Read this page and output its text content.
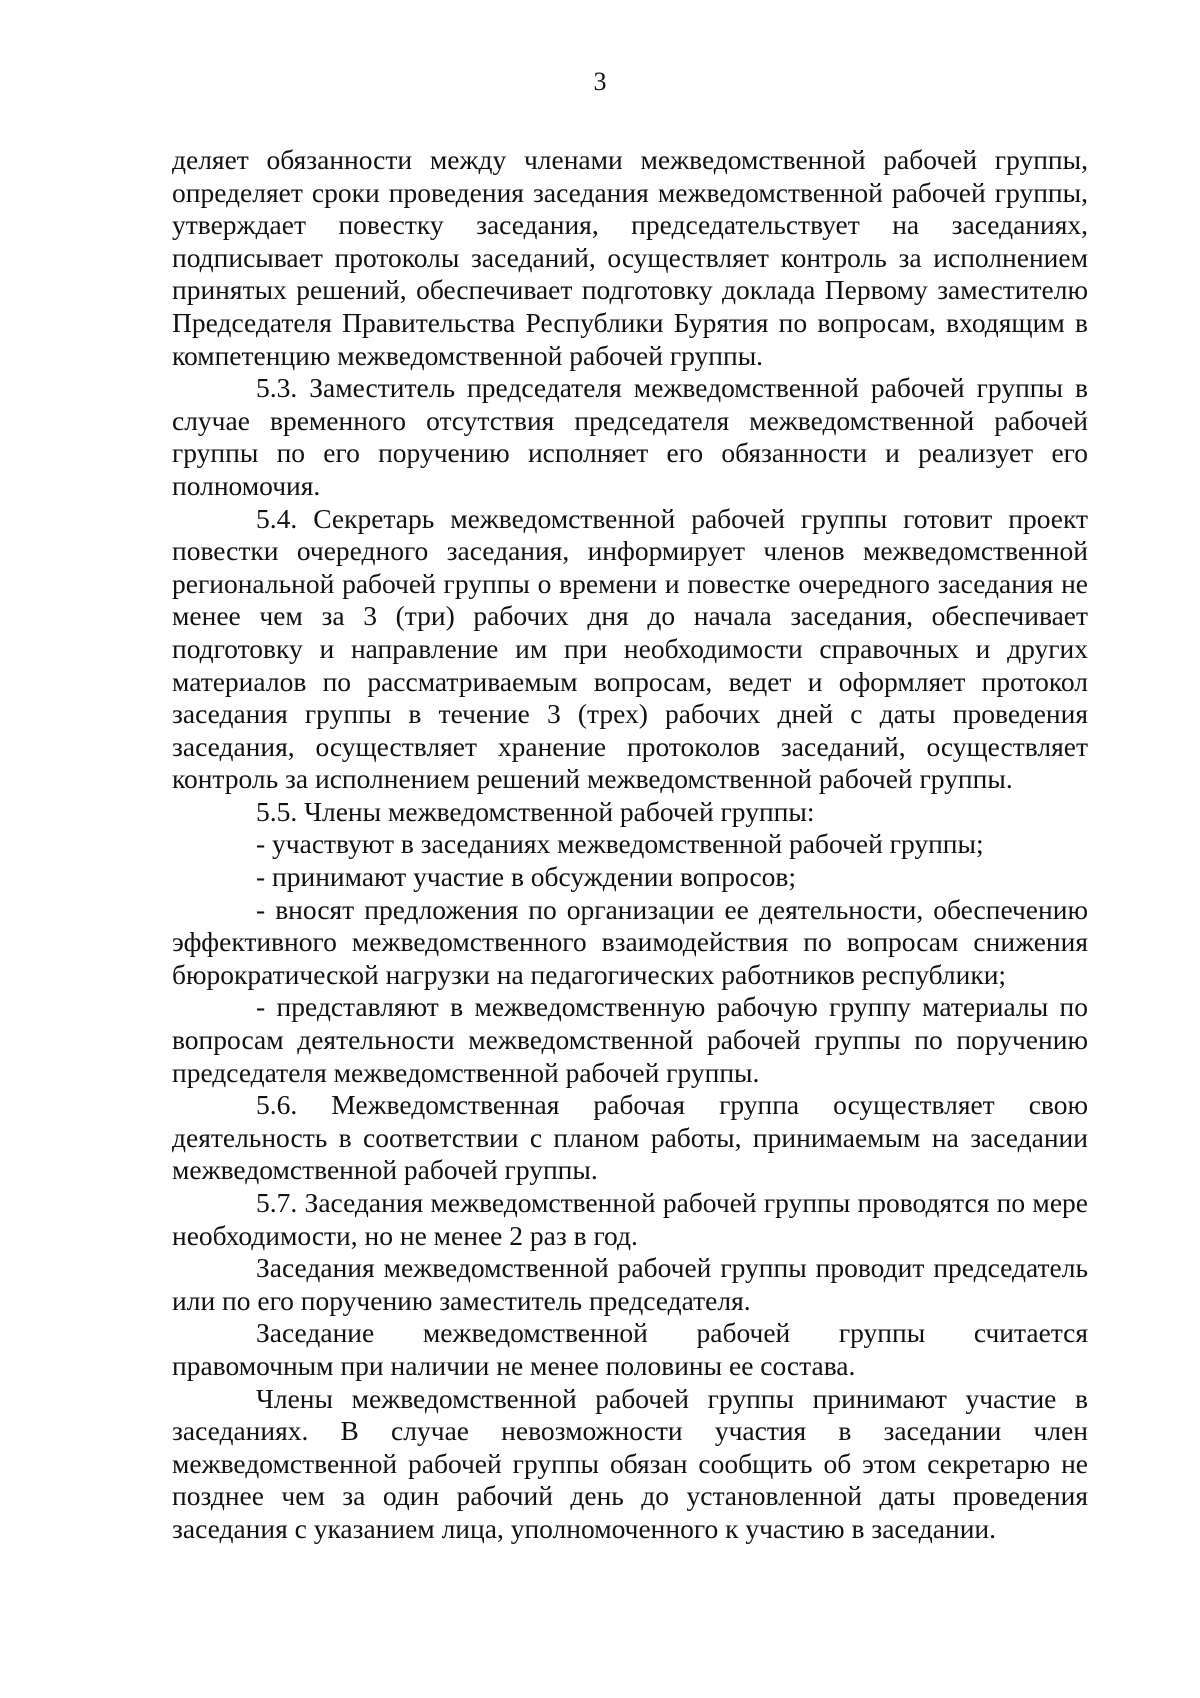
3

деляет обязанности между членами межведомственной рабочей группы, определяет сроки проведения заседания межведомственной рабочей группы, утверждает повестку заседания, председательствует на заседаниях, подписывает протоколы заседаний, осуществляет контроль за исполнением принятых решений, обеспечивает подготовку доклада Первому заместителю Председателя Правительства Республики Бурятия по вопросам, входящим в компетенцию межведомственной рабочей группы.

5.3. Заместитель председателя межведомственной рабочей группы в случае временного отсутствия председателя межведомственной рабочей группы по его поручению исполняет его обязанности и реализует его полномочия.

5.4. Секретарь межведомственной рабочей группы готовит проект повестки очередного заседания, информирует членов межведомственной региональной рабочей группы о времени и повестке очередного заседания не менее чем за 3 (три) рабочих дня до начала заседания, обеспечивает подготовку и направление им при необходимости справочных и других материалов по рассматриваемым вопросам, ведет и оформляет протокол заседания группы в течение 3 (трех) рабочих дней с даты проведения заседания, осуществляет хранение протоколов заседаний, осуществляет контроль за исполнением решений межведомственной рабочей группы.

5.5. Члены межведомственной рабочей группы:

- участвуют в заседаниях межведомственной рабочей группы;

- принимают участие в обсуждении вопросов;

- вносят предложения по организации ее деятельности, обеспечению эффективного межведомственного взаимодействия по вопросам снижения бюрократической нагрузки на педагогических работников республики;

- представляют в межведомственную рабочую группу материалы по вопросам деятельности межведомственной рабочей группы по поручению председателя межведомственной рабочей группы.

5.6. Межведомственная рабочая группа осуществляет свою деятельность в соответствии с планом работы, принимаемым на заседании межведомственной рабочей группы.

5.7. Заседания межведомственной рабочей группы проводятся по мере необходимости, но не менее 2 раз в год.

Заседания межведомственной рабочей группы проводит председатель или по его поручению заместитель председателя.

Заседание межведомственной рабочей группы считается правомочным при наличии не менее половины ее состава.

Члены межведомственной рабочей группы принимают участие в заседаниях. В случае невозможности участия в заседании член межведомственной рабочей группы обязан сообщить об этом секретарю не позднее чем за один рабочий день до установленной даты проведения заседания с указанием лица, уполномоченного к участию в заседании.
